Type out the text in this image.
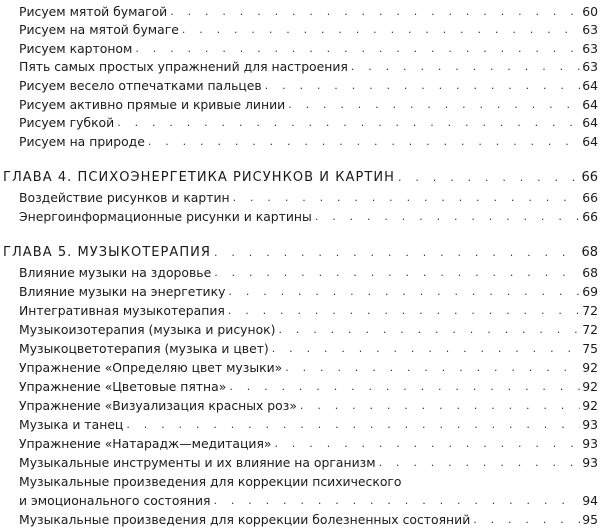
Рисуем мятой бумагой . . .	60
Рисуем на мятой бумаге . . .	63
Рисуем картоном . . .	63
Пять самых простых упражнений для настроения . . .	63
Рисуем весело отпечатками пальцев . . .	64
Рисуем активно прямые и кривые линии . . .	64
Рисуем губкой . . .	64
Рисуем на природе . . .	64
ГЛАВА 4. ПСИХОЭНЕРГЕТИКА РИСУНКОВ И КАРТИН . . .	66
Воздействие рисунков и картин . . .	66
Энергоинформационные рисунки и картины . . .	66
ГЛАВА 5. МУЗЫКОТЕРАПИЯ . . .	68
Влияние музыки на здоровье . . .	68
Влияние музыки на энергетику . . .	69
Интегративная музыкотерапия . . .	72
Музыкоизотерапия (музыка и рисунок) . . .	72
Музыкоцветотерапия (музыка и цвет) . . .	75
Упражнение «Определяю цвет музыки» . . .	92
Упражнение «Цветовые пятна» . . .	92
Упражнение «Визуализация красных роз» . . .	92
Музыка и танец . . .	93
Упражнение «Натарадж—медитация» . . .	93
Музыкальные инструменты и их влияние на организм . . .	93
Музыкальные произведения для коррекции психического
и эмоционального состояния . . .	94
Музыкальные произведения для коррекции болезненных состояний . . .	95
